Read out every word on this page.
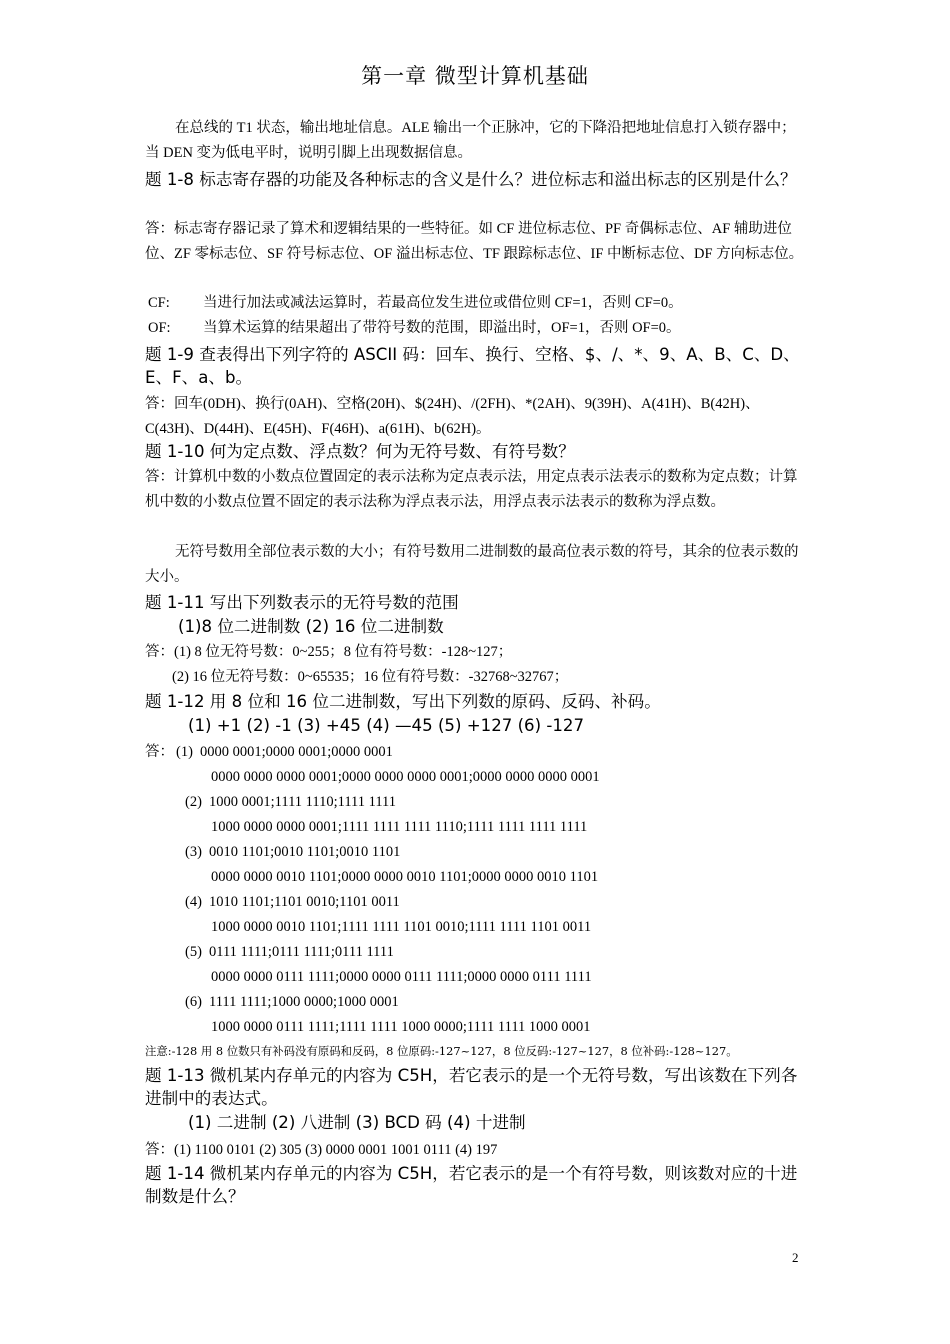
第一章 微型计算机基础
在总线的 T1 状态，输出地址信息。ALE 输出一个正脉冲，它的下降沿把地址信息打入锁存器中；当 DEN 变为低电平时，说明引脚上出现数据信息。
题 1-8 标志寄存器的功能及各种标志的含义是什么？进位标志和溢出标志的区别是什么？
答：标志寄存器记录了算术和逻辑结果的一些特征。如 CF 进位标志位、PF 奇偶标志位、AF 辅助进位位、ZF 零标志位、SF 符号标志位、OF 溢出标志位、TF 跟踪标志位、IF 中断标志位、DF 方向标志位。
CF: 当进行加法或减法运算时，若最高位发生进位或借位则 CF=1，否则 CF=0。
OF: 当算术运算的结果超出了带符号数的范围，即溢出时，OF=1，否则 OF=0。
题 1-9 查表得出下列字符的 ASCII 码：回车、换行、空格、$、/、*、9、A、B、C、D、E、F、a、b。
答：回车(0DH)、换行(0AH)、空格(20H)、$(24H)、/(2FH)、*(2AH)、9(39H)、A(41H)、B(42H)、C(43H)、D(44H)、E(45H)、F(46H)、a(61H)、b(62H)。
题 1-10 何为定点数、浮点数？何为无符号数、有符号数？
答：计算机中数的小数点位置固定的表示法称为定点表示法，用定点表示法表示的数称为定点数；计算机中数的小数点位置不固定的表示法称为浮点表示法，用浮点表示法表示的数称为浮点数。
无符号数用全部位表示数的大小；有符号数用二进制数的最高位表示数的符号，其余的位表示数的大小。
题 1-11 写出下列数表示的无符号数的范围
(1)8 位二进制数 (2) 16 位二进制数
答：(1) 8 位无符号数：0~255；8 位有符号数：-128~127；
(2) 16 位无符号数：0~65535；16 位有符号数：-32768~32767；
题 1-12 用 8 位和 16 位二进制数，写出下列数的原码、反码、补码。
(1) +1 (2) -1 (3) +45 (4) —45 (5) +127 (6) -127
答： (1) 0000 0001;0000 0001;0000 0001
0000 0000 0000 0001;0000 0000 0000 0001;0000 0000 0000 0001
(2) 1000 0001;1111 1110;1111 1111
1000 0000 0000 0001;1111 1111 1111 1110;1111 1111 1111 1111
(3) 0010 1101;0010 1101;0010 1101
0000 0000 0010 1101;0000 0000 0010 1101;0000 0000 0010 1101
(4) 1010 1101;1101 0010;1101 0011
1000 0000 0010 1101;1111 1111 1101 0010;1111 1111 1101 0011
(5) 0111 1111;0111 1111;0111 1111
0000 0000 0111 1111;0000 0000 0111 1111;0000 0000 0111 1111
(6) 1111 1111;1000 0000;1000 0001
1000 0000 0111 1111;1111 1111 1000 0000;1111 1111 1000 0001
注意:-128 用 8 位数只有补码没有原码和反码，8 位原码:-127~127，8 位反码:-127~127，8 位补码:-128~127。
题 1-13 微机某内存单元的内容为 C5H，若它表示的是一个无符号数，写出该数在下列各进制中的表达式。
(1) 二进制 (2) 八进制 (3) BCD 码 (4) 十进制
答：(1) 1100 0101 (2) 305 (3) 0000 0001 1001 0111 (4) 197
题 1-14 微机某内存单元的内容为 C5H，若它表示的是一个有符号数，则该数对应的十进制数是什么？
2
